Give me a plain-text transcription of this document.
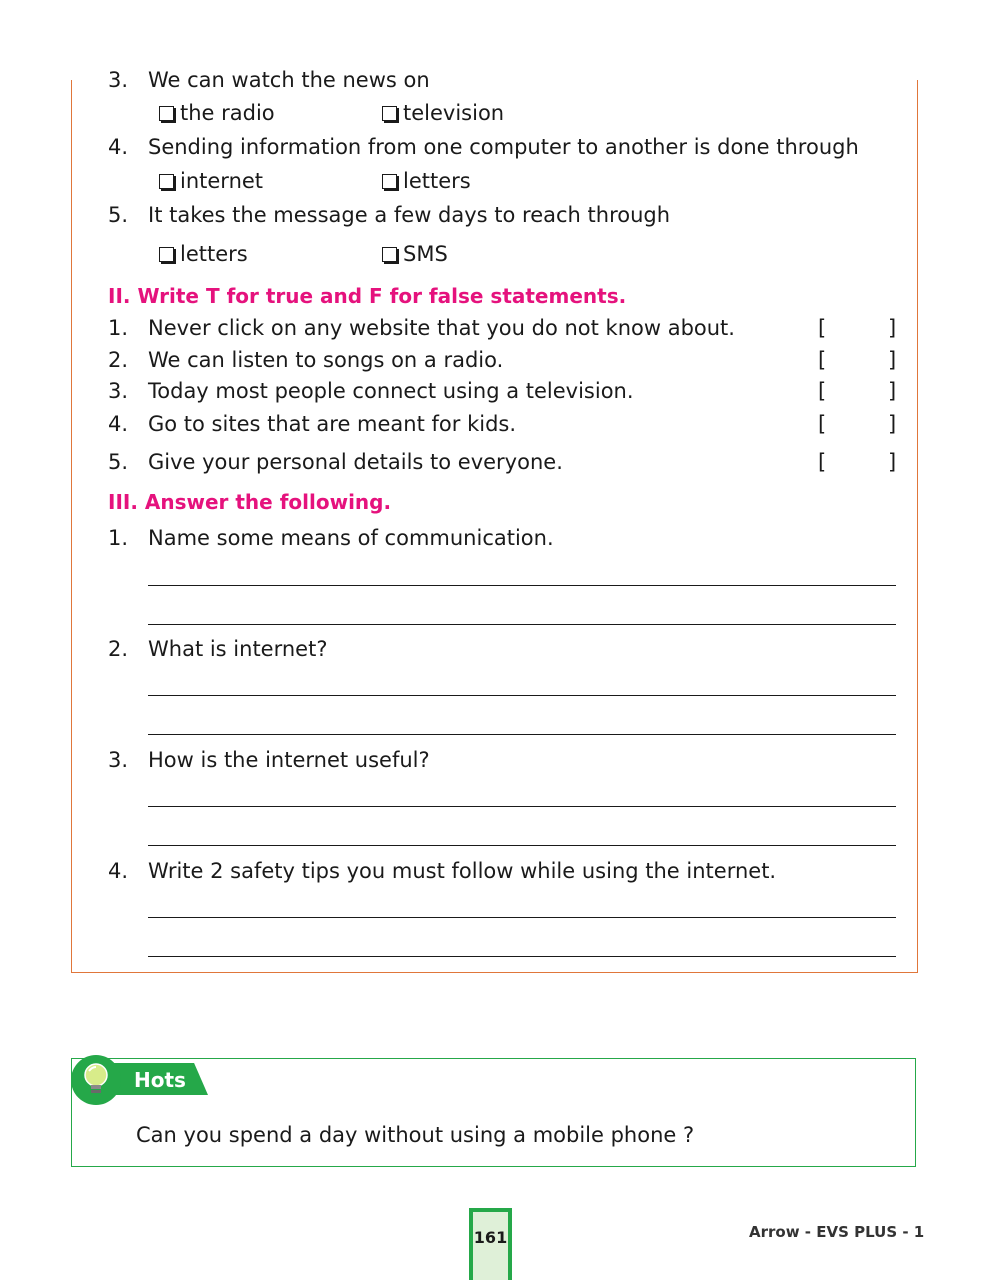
3. We can watch the news on
the radio	television
4. Sending information from one computer to another is done through
internet	letters
5. It takes the message a few days to reach through
letters	SMS
II. Write T for true and F for false statements.
1. Never click on any website that you do not know about.	[	]
2. We can listen to songs on a radio.	[	]
3. Today most people connect using a television.	[	]
4. Go to sites that are meant for kids.	[	]
5. Give your personal details to everyone.	[	]
III. Answer the following.
1. Name some means of communication.
2. What is internet?
3. How is the internet useful?
4. Write 2 safety tips you must follow while using the internet.
Hots
Can you spend a day without using a mobile phone ?
161	Arrow - EVS PLUS - 1
